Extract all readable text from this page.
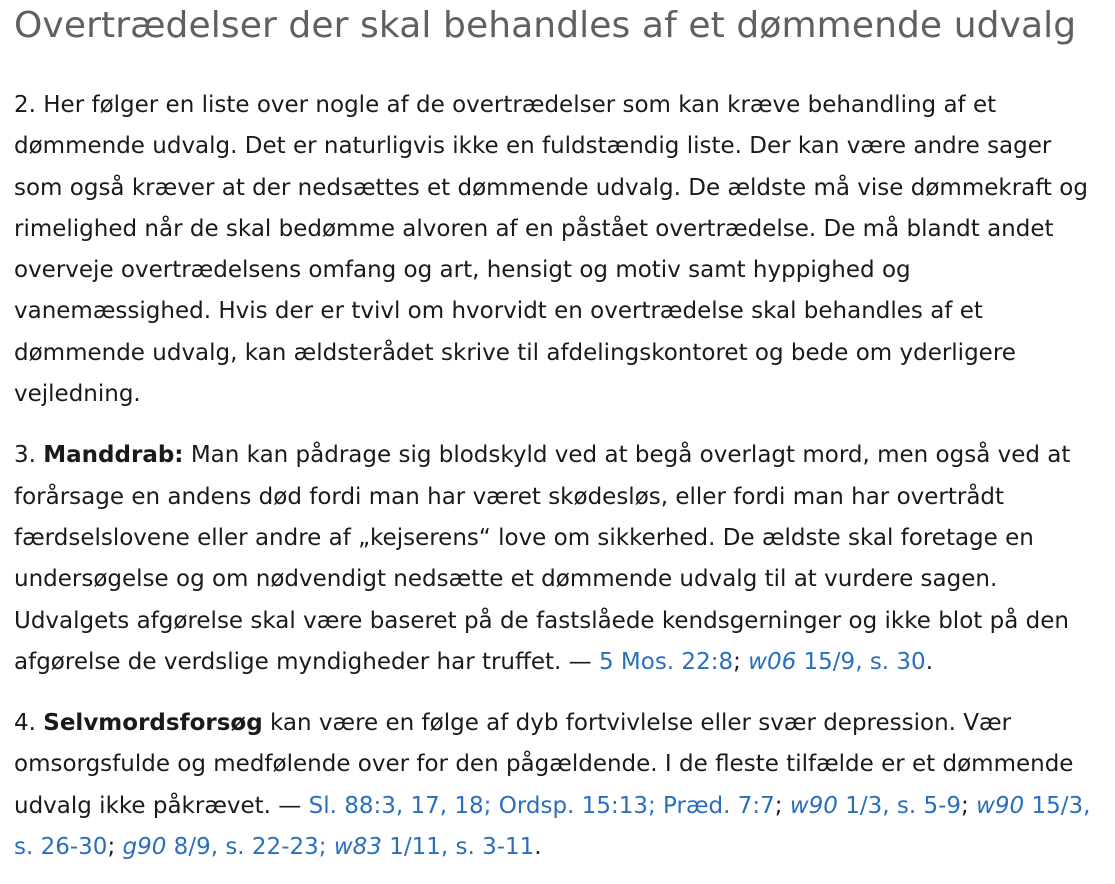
Overtrædelser der skal behandles af et dømmende udvalg

2. Her følger en liste over nogle af de overtrædelser som kan kræve behandling af et dømmende udvalg. Det er naturligvis ikke en fuldstændig liste. Der kan være andre sager som også kræver at der nedsættes et dømmende udvalg. De ældste må vise dømmekraft og rimelighed når de skal bedømme alvoren af en påstået overtrædelse. De må blandt andet overveje overtrædelsens omfang og art, hensigt og motiv samt hyppighed og vanemæssighed. Hvis der er tvivl om hvorvidt en overtrædelse skal behandles af et dømmende udvalg, kan ældsterådet skrive til afdelingskontoret og bede om yderligere vejledning.

3. Manddrab: Man kan pådrage sig blodskyld ved at begå overlagt mord, men også ved at forårsage en andens død fordi man har været skødesløs, eller fordi man har overtrådt færdselslovene eller andre af „kejserens“ love om sikkerhed. De ældste skal foretage en undersøgelse og om nødvendigt nedsætte et dømmende udvalg til at vurdere sagen. Udvalgets afgørelse skal være baseret på de fastslåede kendsgerninger og ikke blot på den afgørelse de verdslige myndigheder har truffet. — 5 Mos. 22:8; w06 15/9, s. 30.

4. Selvmordsforsøg kan være en følge af dyb fortvivlelse eller svær depression. Vær omsorgsfulde og medfølende over for den pågældende. I de fleste tilfælde er et dømmende udvalg ikke påkrævet. — Sl. 88:3, 17, 18; Ordsp. 15:13; Præd. 7:7; w90 1/3, s. 5-9; w90 15/3, s. 26-30; g90 8/9, s. 22-23; w83 1/11, s. 3-11.
